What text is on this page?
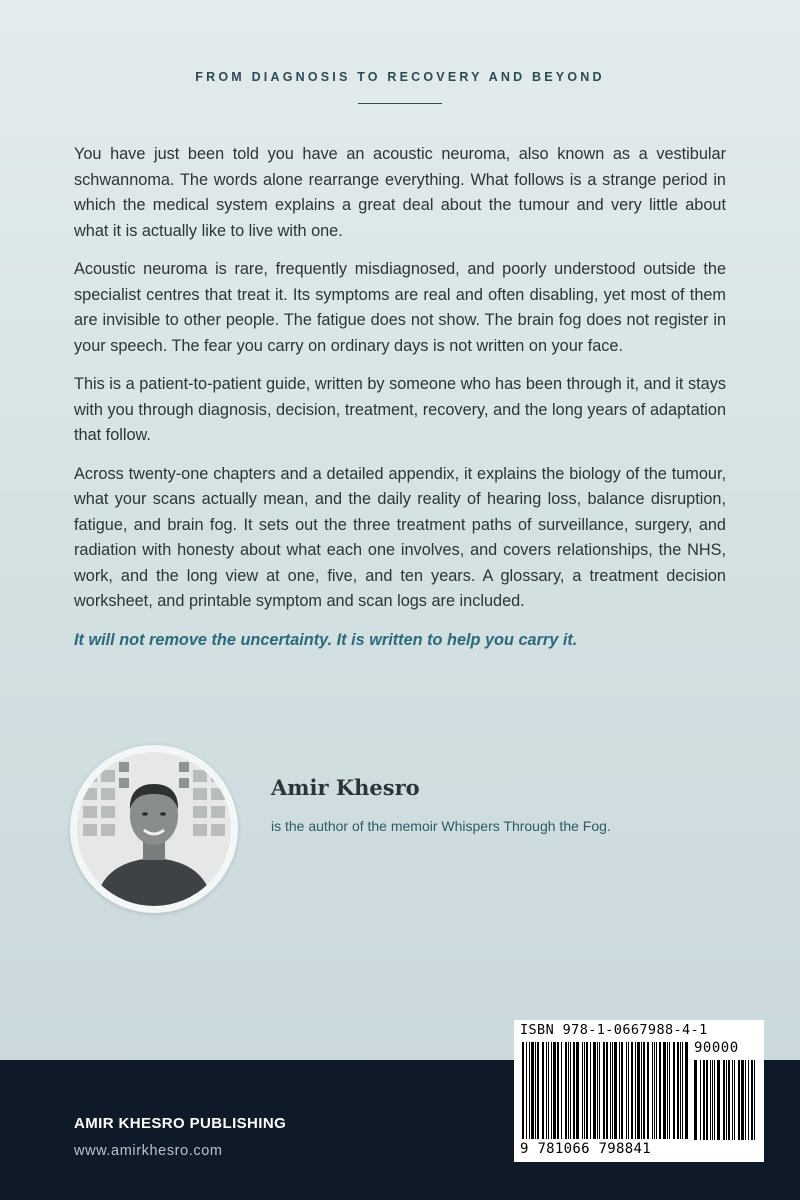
FROM DIAGNOSIS TO RECOVERY AND BEYOND

You have just been told you have an acoustic neuroma, also known as a vestibular schwannoma. The words alone rearrange everything. What follows is a strange period in which the medical system explains a great deal about the tumour and very little about what it is actually like to live with one.

Acoustic neuroma is rare, frequently misdiagnosed, and poorly understood outside the specialist centres that treat it. Its symptoms are real and often disabling, yet most of them are invisible to other people. The fatigue does not show. The brain fog does not register in your speech. The fear you carry on ordinary days is not written on your face.

This is a patient-to-patient guide, written by someone who has been through it, and it stays with you through diagnosis, decision, treatment, recovery, and the long years of adaptation that follow.

Across twenty-one chapters and a detailed appendix, it explains the biology of the tumour, what your scans actually mean, and the daily reality of hearing loss, balance disruption, fatigue, and brain fog. It sets out the three treatment paths of surveillance, surgery, and radiation with honesty about what each one involves, and covers relationships, the NHS, work, and the long view at one, five, and ten years. A glossary, a treatment decision worksheet, and printable symptom and scan logs are included.

It will not remove the uncertainty. It is written to help you carry it.

Amir Khesro
is the author of the memoir Whispers Through the Fog.
AMIR KHESRO PUBLISHING
www.amirkhesro.com
ISBN 978-1-0667988-4-1
90000
9 781066 798841
